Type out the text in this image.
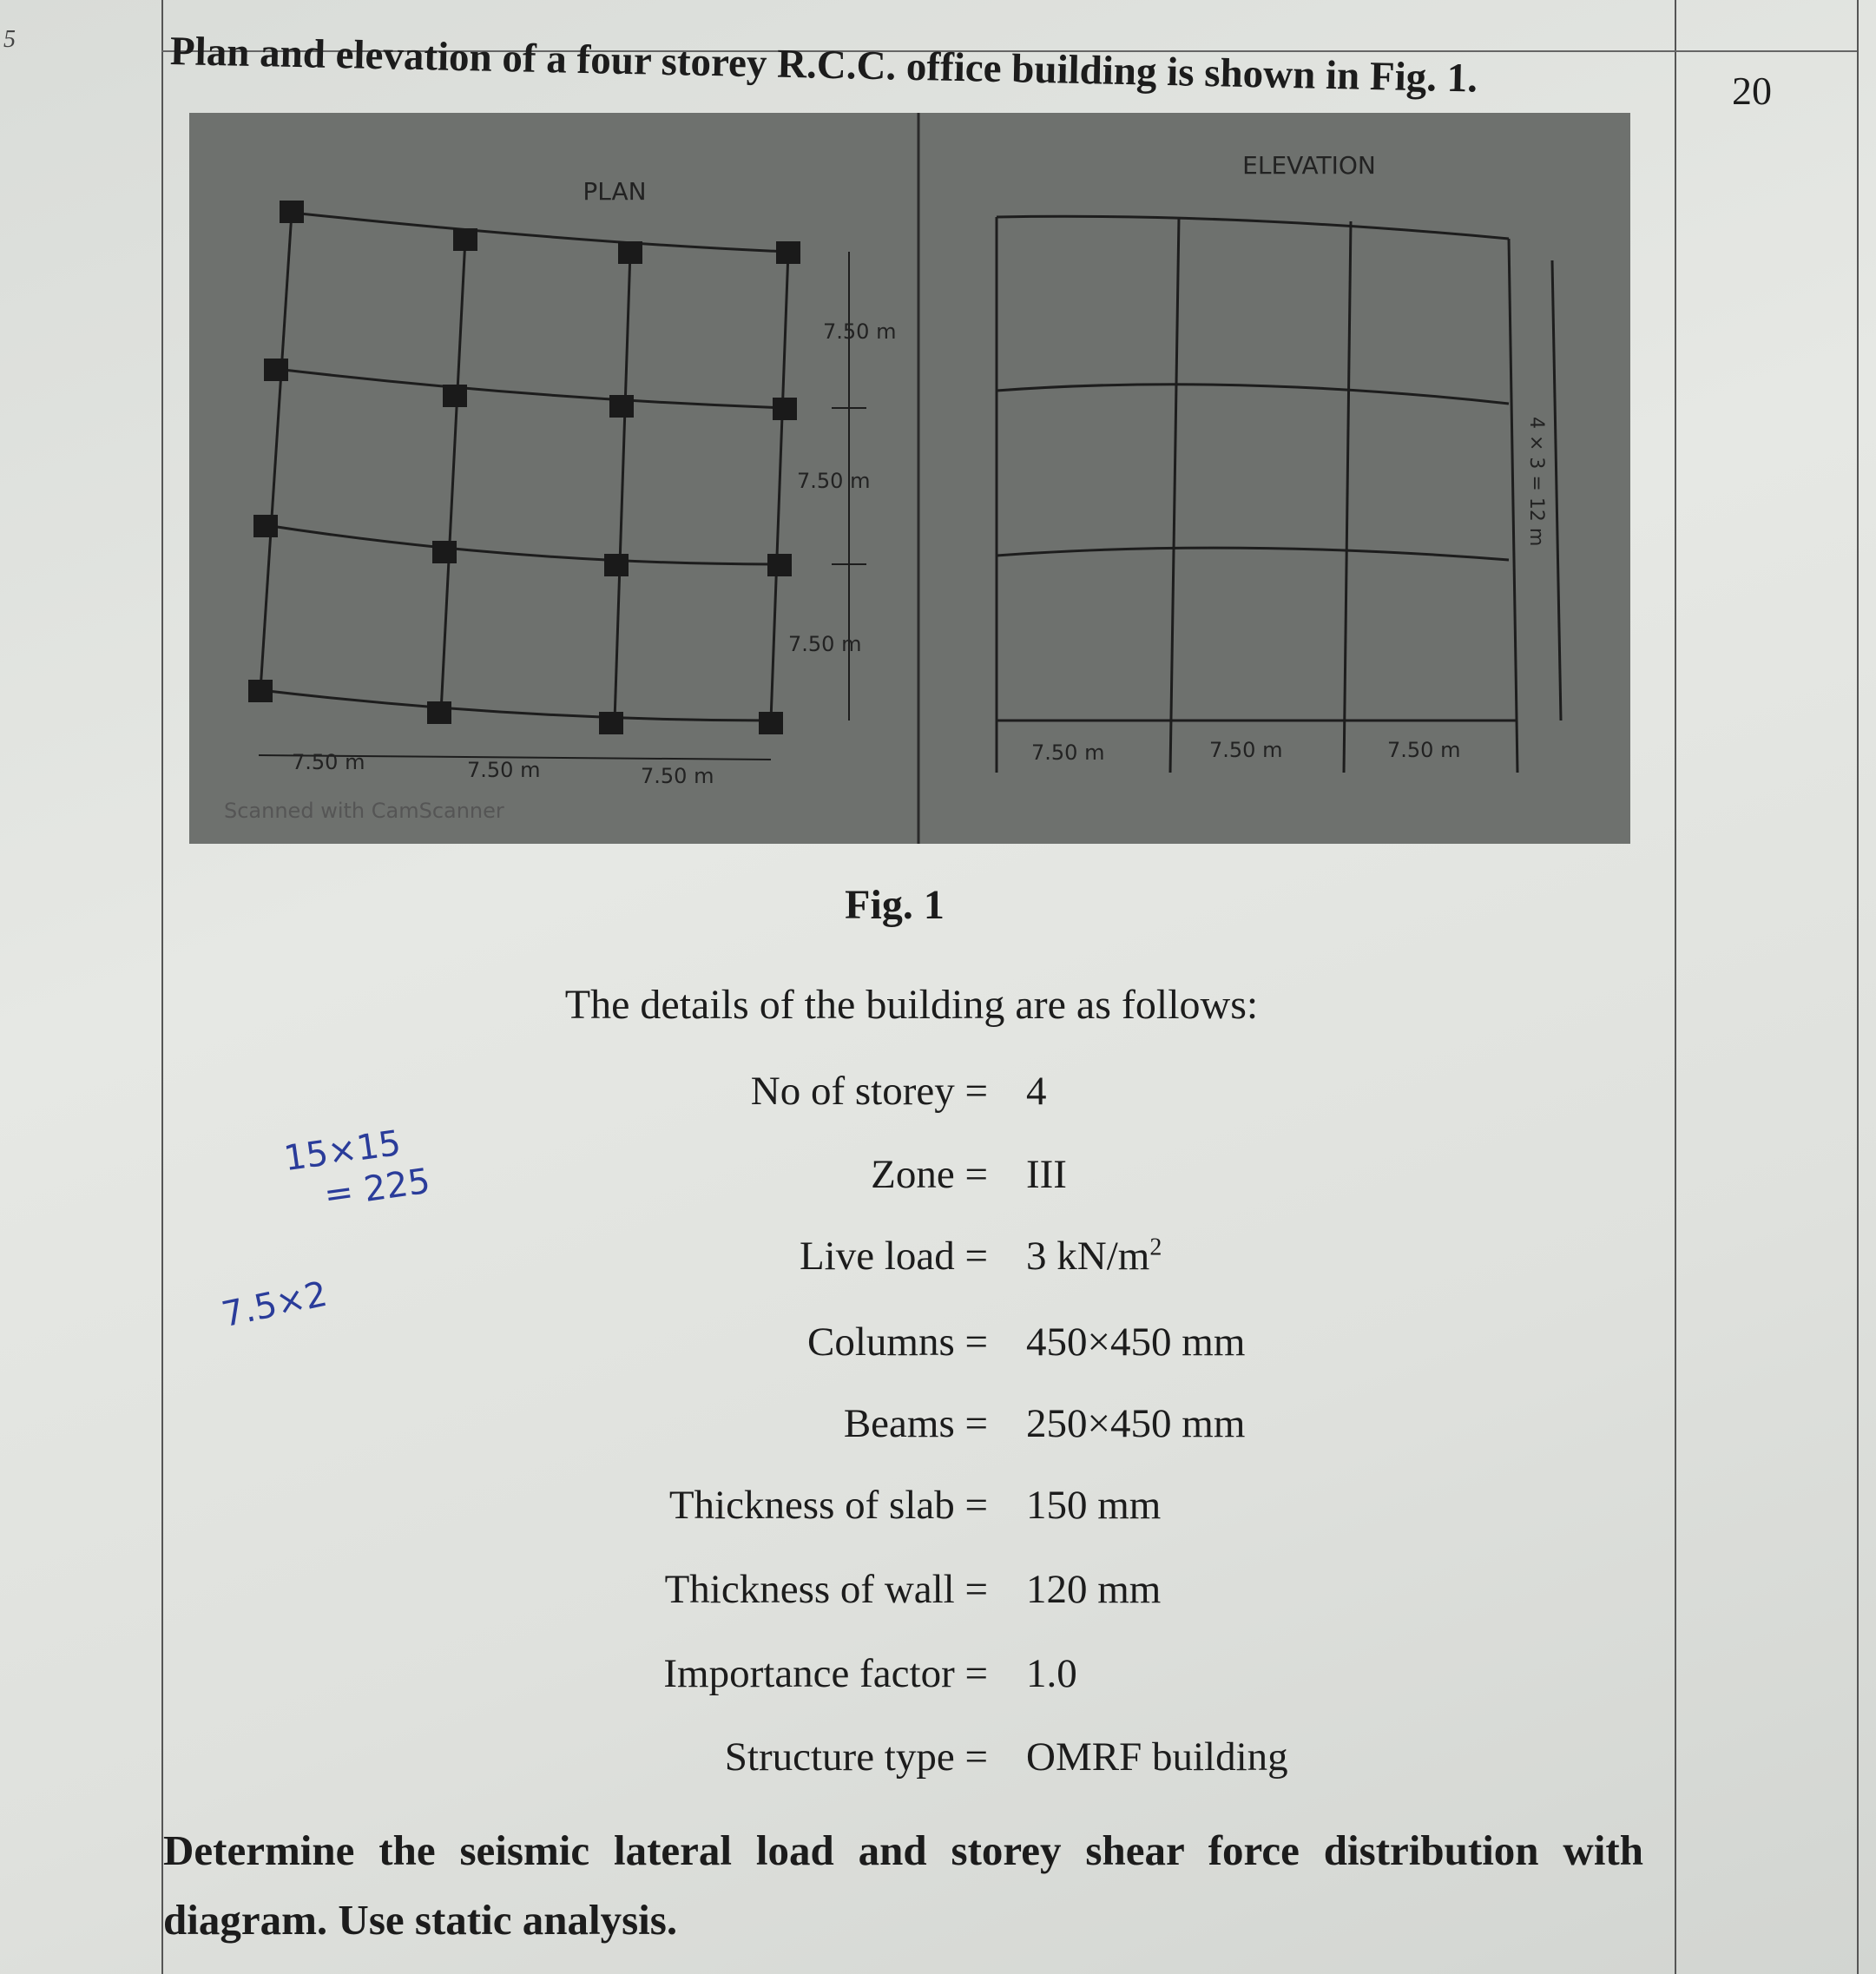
5	Plan and elevation of a four storey R.C.C. office building is shown in Fig. 1.	20
PLAN
7.50 m
7.50 m
7.50 m
7.50 m	7.50 m	7.50 m
Scanned with CamScanner
ELEVATION
7.50 m	7.50 m	7.50 m
4 × 3 = 12 m
Fig. 1
The details of the building are as follows:
No of storey = 4
Zone = III
Live load = 3 $kN/m^2$
Columns = 450×450 mm
Beams = 250×450 mm
Thickness of slab = 150 mm
Thickness of wall = 120 mm
Importance factor = 1.0
Structure type = OMRF building
Determine the seismic lateral load and storey shear force distribution with diagram. Use static analysis.
15×15
= 225
7.5×2
